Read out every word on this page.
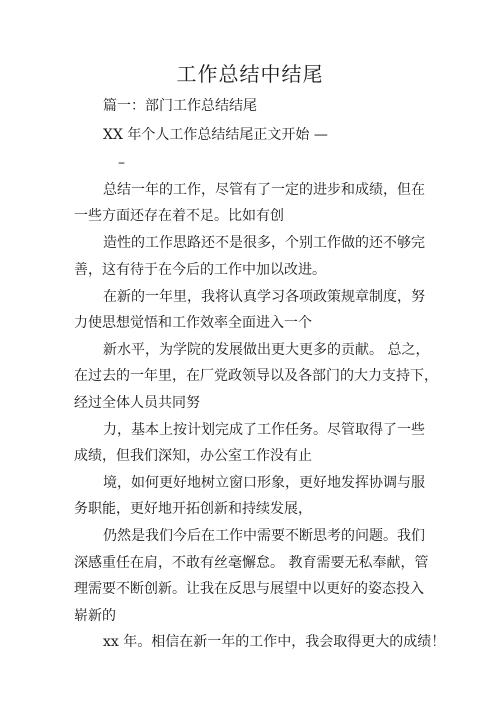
工作总结中结尾
篇一：部门工作总结结尾
XX 年个人工作总结结尾正文开始 —
–
总结一年的工作，尽管有了一定的进步和成绩，但在
一些方面还存在着不足。比如有创
造性的工作思路还不是很多，个别工作做的还不够完
善，这有待于在今后的工作中加以改进。
在新的一年里，我将认真学习各项政策规章制度，努
力使思想觉悟和工作效率全面进入一个
新水平，为学院的发展做出更大更多的贡献。 总之，
在过去的一年里，在厂党政领导以及各部门的大力支持下，
经过全体人员共同努
力，基本上按计划完成了工作任务。尽管取得了一些
成绩，但我们深知，办公室工作没有止
境，如何更好地树立窗口形象，更好地发挥协调与服
务职能，更好地开拓创新和持续发展，
仍然是我们今后在工作中需要不断思考的问题。我们
深感重任在肩，不敢有丝毫懈怠。 教育需要无私奉献，管
理需要不断创新。让我在反思与展望中以更好的姿态投入
崭新的
xx 年。相信在新一年的工作中，我会取得更大的成绩！
